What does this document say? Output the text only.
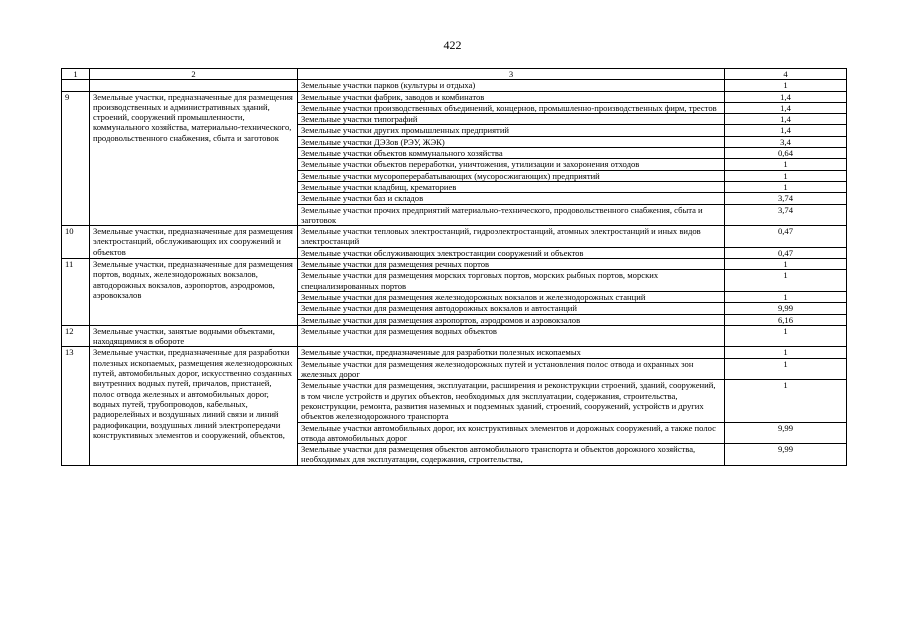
422
1	2	3	4
		Земельные участки парков (культуры и отдыха)	1
9	Земельные участки, предназначенные для размещения производственных и административных зданий, строений, сооружений промышленности, коммунального хозяйства, материально-технического, продовольственного снабжения, сбыта и заготовок	Земельные участки фабрик, заводов и комбинатов	1,4
		Земельные участки производственных объединений, концернов, промышленно-производственных фирм, трестов	1,4
		Земельные участки типографий	1,4
		Земельные участки других промышленных предприятий	1,4
		Земельные участки ДЭЗов (РЭУ, ЖЭК)	3,4
		Земельные участки объектов коммунального хозяйства	0,64
		Земельные участки объектов переработки, уничтожения, утилизации и захоронения отходов	1
		Земельные участки мусороперерабатывающих (мусоросжигающих) предприятий	1
		Земельные участки кладбищ, крематориев	1
		Земельные участки баз и складов	3,74
		Земельные участки прочих предприятий материально-технического, продовольственного снабжения, сбыта и заготовок	3,74
10	Земельные участки, предназначенные для размещения электростанций, обслуживающих их сооружений и объектов	Земельные участки тепловых электростанций, гидроэлектростанций, атомных электростанций и иных видов электростанций	0,47
		Земельные участки обслуживающих электростанции сооружений и объектов	0,47
11	Земельные участки, предназначенные для размещения портов, водных, железнодорожных вокзалов, автодорожных вокзалов, аэропортов, аэродромов, аэровокзалов	Земельные участки для размещения речных портов	1
		Земельные участки для размещения морских торговых портов, морских рыбных портов, морских специализированных портов	1
		Земельные участки для размещения железнодорожных вокзалов и железнодорожных станций	1
		Земельные участки для размещения автодорожных вокзалов и автостанций	9,99
		Земельные участки для размещения аэропортов, аэродромов и аэровокзалов	6,16
12	Земельные участки, занятые водными объектами, находящимися в обороте	Земельные участки для размещения водных объектов	1
13	Земельные участки, предназначенные для разработки полезных ископаемых, размещения железнодорожных путей, автомобильных дорог, искусственно созданных внутренних водных путей, причалов, пристаней, полос отвода железных и автомобильных дорог, водных путей, трубопроводов, кабельных, радиорелейных и воздушных линий связи и линий радиофикации, воздушных линий электропередачи конструктивных элементов и сооружений, объектов,	Земельные участки, предназначенные для разработки полезных ископаемых	1
		Земельные участки для размещения железнодорожных путей и установления полос отвода и охранных зон железных дорог	1
		Земельные участки для размещения, эксплуатации, расширения и реконструкции строений, зданий, сооружений, в том числе устройств и других объектов, необходимых для эксплуатации, содержания, строительства, реконструкции, ремонта, развития наземных и подземных зданий, строений, сооружений, устройств и других объектов железнодорожного транспорта	1
		Земельные участки автомобильных дорог, их конструктивных элементов и дорожных сооружений, а также полос отвода автомобильных дорог	9,99
		Земельные участки для размещения объектов автомобильного транспорта и объектов дорожного хозяйства, необходимых для эксплуатации, содержания, строительства,	9,99
